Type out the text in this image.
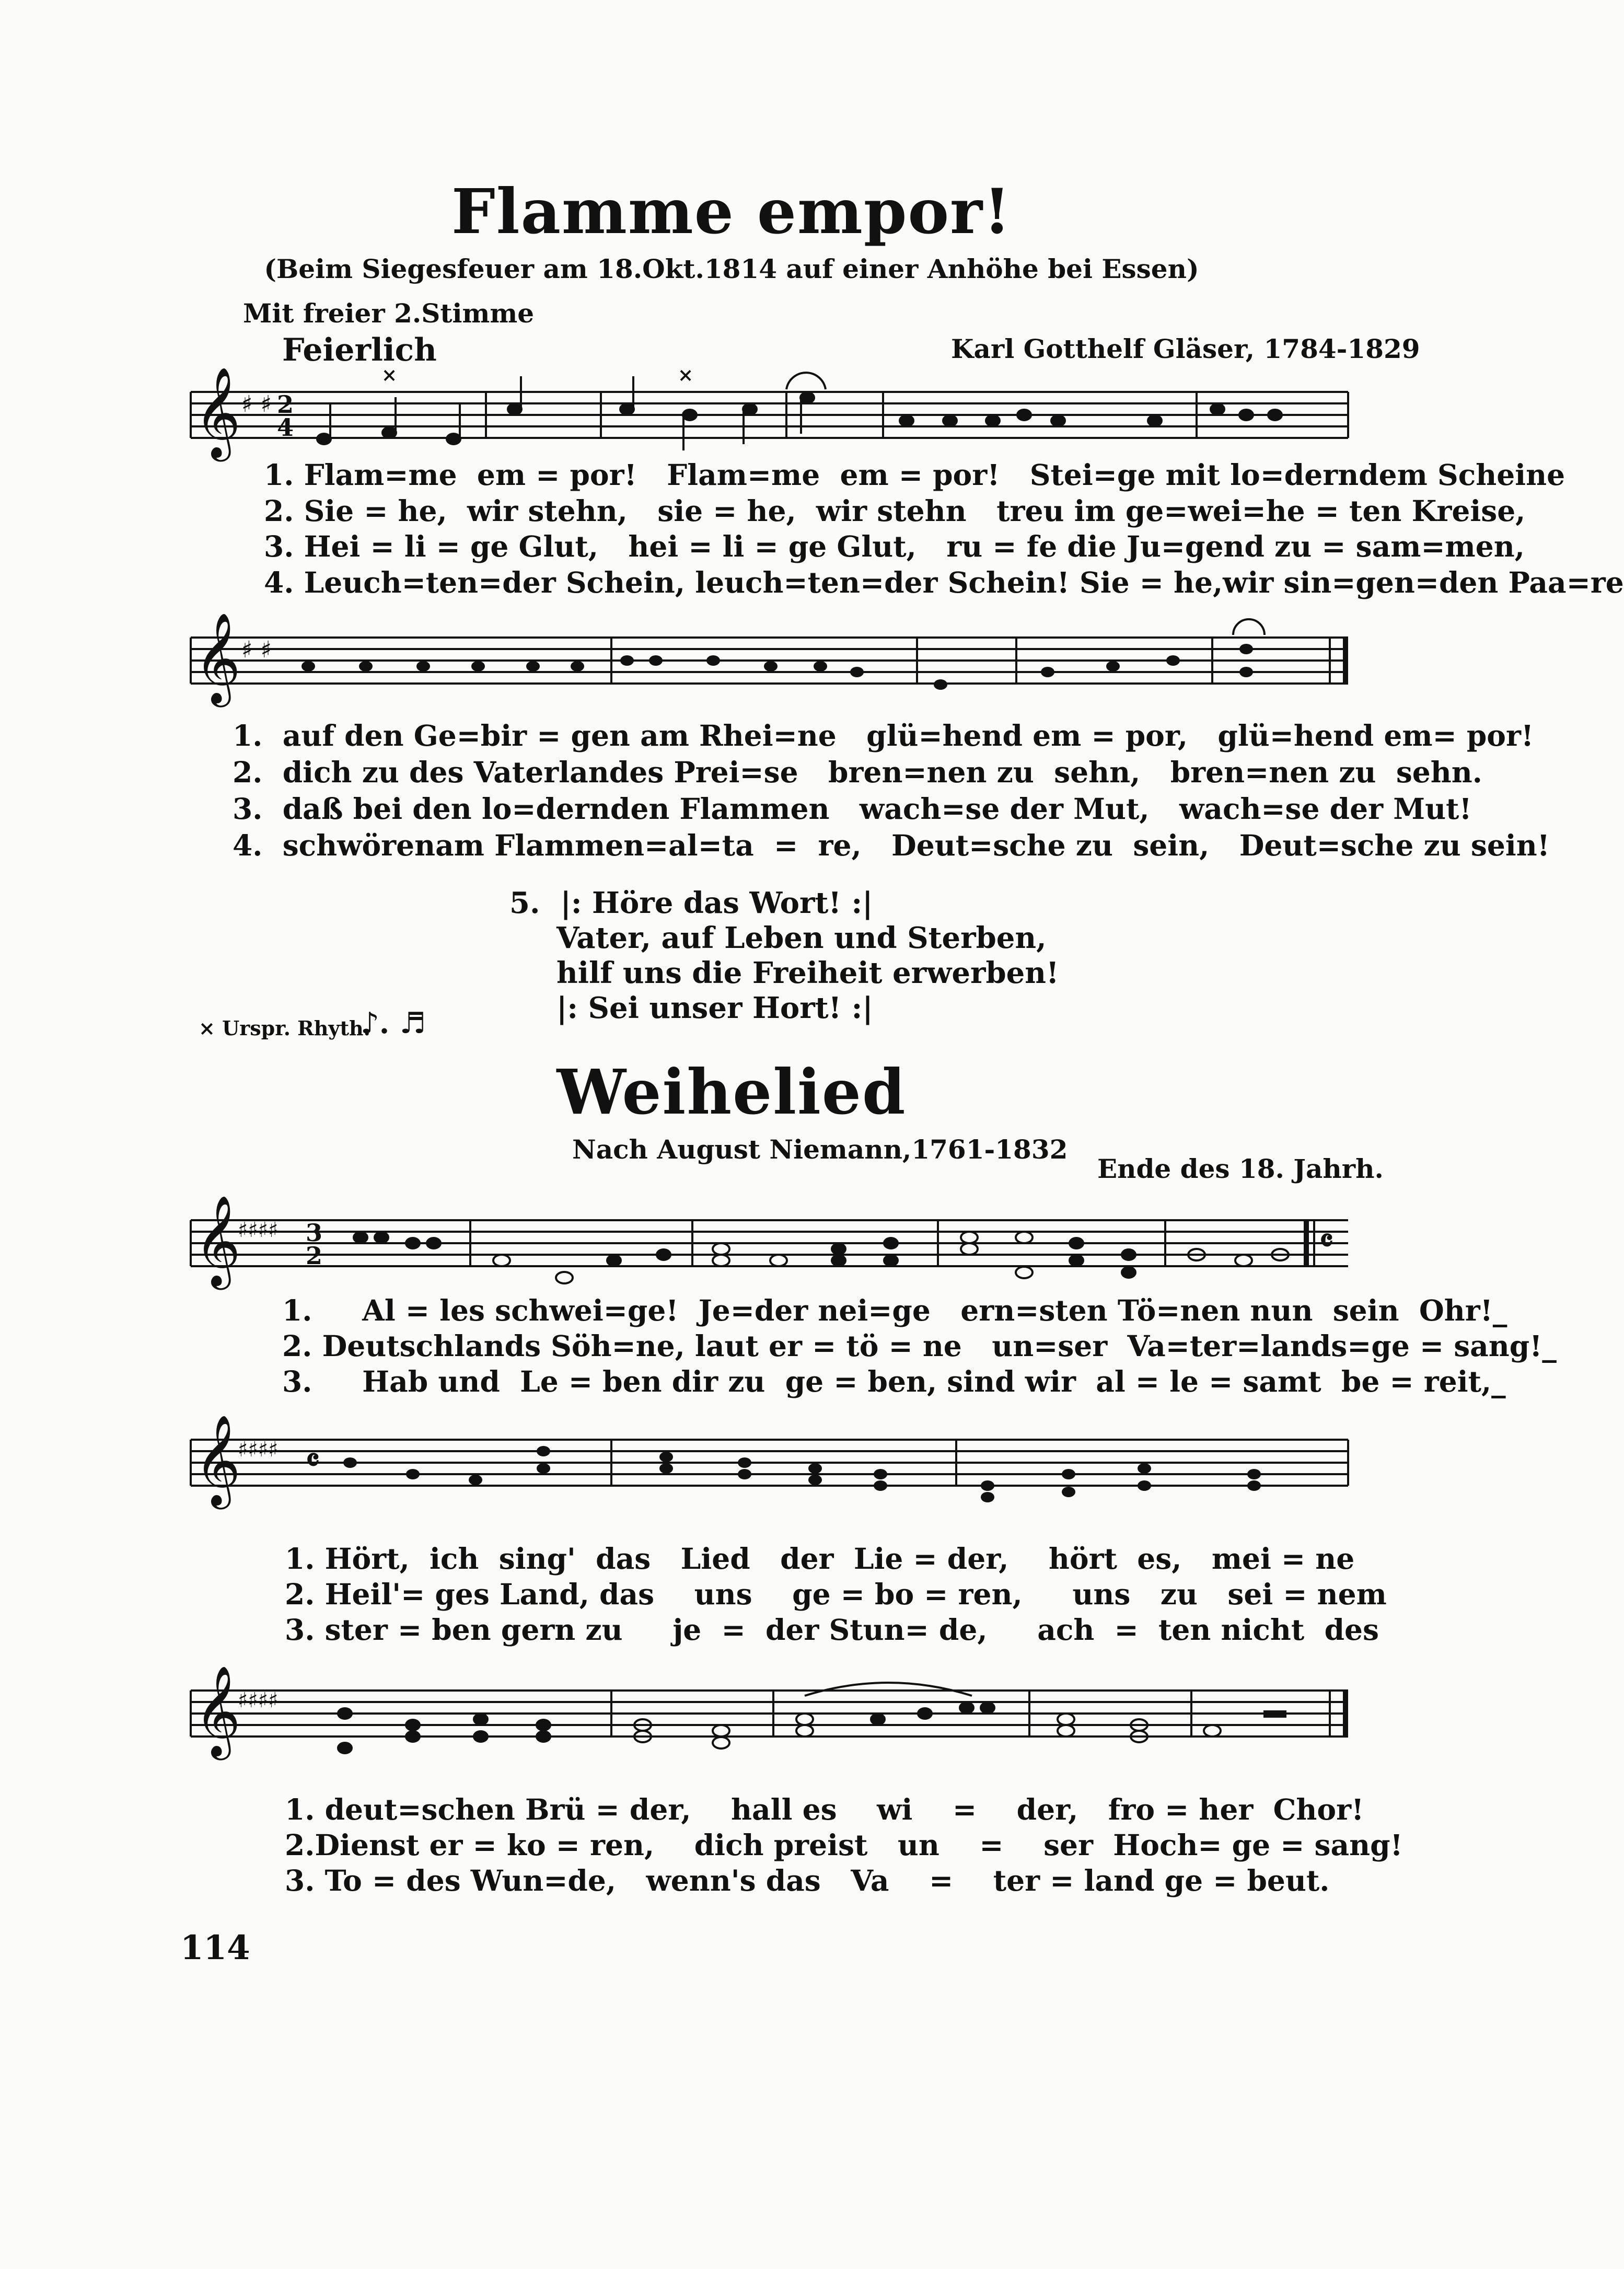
Flamme empor!
(Beim Siegesfeuer am 18.Okt.1814 auf einer Anhöhe bei Essen)
Mit freier 2.Stimme
Feierlich	Karl Gotthelf Gläser, 1784-1829
𝄞 ♯ ♯ 2
4
×	×
1. Flam=me  em = por!   Flam=me  em = por!   Stei=ge mit lo=derndem Scheine
2. Sie = he,  wir stehn,   sie = he,  wir stehn   treu im ge=wei=he = ten Kreise,
3. Hei = li = ge Glut,   hei = li = ge Glut,   ru = fe die Ju=gend zu = sam=men,
4. Leuch=ten=der Schein, leuch=ten=der Schein! Sie = he,wir sin=gen=den Paa=re
𝄞 ♯ ♯
1.  auf den Ge=bir = gen am Rhei=ne   glü=hend em = por,   glü=hend em= por!
2.  dich zu des Vaterlandes Prei=se   bren=nen zu  sehn,   bren=nen zu  sehn.
3.  daß bei den lo=dernden Flammen   wach=se der Mut,   wach=se der Mut!
4.  schwörenam Flammen=al=ta  =  re,   Deut=sche zu  sein,   Deut=sche zu sein!
5.  |: Höre das Wort! :|
Vater, auf Leben und Sterben,
hilf uns die Freiheit erwerben!
|: Sei unser Hort! :|
× Urspr. Rhyth.
♪. ♬
Weihelied
Nach August Niemann,1761-1832
Ende des 18. Jahrh.
𝄞
♯♯♯♯ 3
2	𝄴
1.     Al = les schwei=ge!  Je=der nei=ge   ern=sten Tö=nen nun  sein  Ohr!_
2. Deutschlands Söh=ne, laut er = tö = ne   un=ser  Va=ter=lands=ge = sang!_
3.     Hab und  Le = ben dir zu  ge = ben, sind wir  al = le = samt  be = reit,_
𝄞
♯♯♯♯ 𝄴
1. Hört,  ich  sing'  das   Lied   der  Lie = der,    hört  es,   mei = ne
2. Heil'= ges Land, das    uns    ge = bo = ren,     uns   zu   sei = nem
3. ster = ben gern zu     je  =  der Stun= de,     ach  =  ten nicht  des
𝄞
♯♯♯♯
1. deut=schen Brü = der,    hall es    wi    =    der,   fro = her  Chor!
2.Dienst er = ko = ren,    dich preist   un    =    ser  Hoch= ge = sang!
3. To = des Wun=de,   wenn's das   Va    =    ter = land ge = beut.
114
